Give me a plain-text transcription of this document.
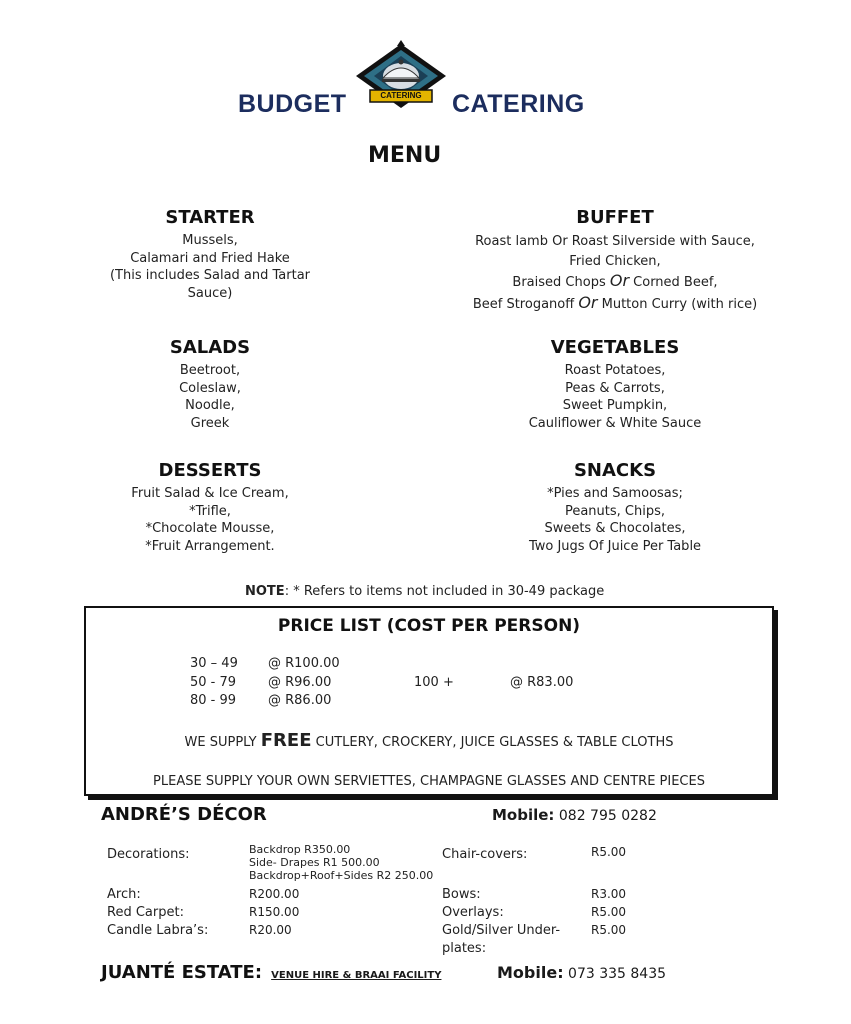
BUDGET	CATERING
CATERING
MENU
STARTER
Mussels,
Calamari and Fried Hake
(This includes Salad and Tartar
Sauce)
BUFFET
Roast lamb Or Roast Silverside with Sauce,
Fried Chicken,
Braised Chops Or Corned Beef,
Beef Stroganoff Or Mutton Curry (with rice)
SALADS
Beetroot,
Coleslaw,
Noodle,
Greek
VEGETABLES
Roast Potatoes,
Peas & Carrots,
Sweet Pumpkin,
Cauliflower & White Sauce
DESSERTS
Fruit Salad & Ice Cream,
*Trifle,
*Chocolate Mousse,
*Fruit Arrangement.
SNACKS
*Pies and Samoosas;
Peanuts, Chips,
Sweets & Chocolates,
Two Jugs Of Juice Per Table
NOTE: * Refers to items not included in 30-49 package
PRICE LIST (COST PER PERSON)
30 – 49 @ R100.00
50 - 79 @ R96.00
80 - 99 @ R86.00
100 +	@ R83.00
WE SUPPLY FREE CUTLERY, CROCKERY, JUICE GLASSES & TABLE CLOTHS
PLEASE SUPPLY YOUR OWN SERVIETTES, CHAMPAGNE GLASSES AND CENTRE PIECES
ANDRÉ’S DÉCOR	Mobile: 082 795 0282
Decorations:	Backdrop R350.00
Side- Drapes R1 500.00
Backdrop+Roof+Sides R2 250.00
Arch:	R200.00
Red Carpet:	R150.00
Candle Labra’s:	R20.00
Chair-covers:	R5.00
Bows:	R3.00
Overlays:	R5.00
Gold/Silver Under-	R5.00
plates:
JUANTÉ ESTATE: VENUE HIRE & BRAAI FACILITY	Mobile: 073 335 8435
